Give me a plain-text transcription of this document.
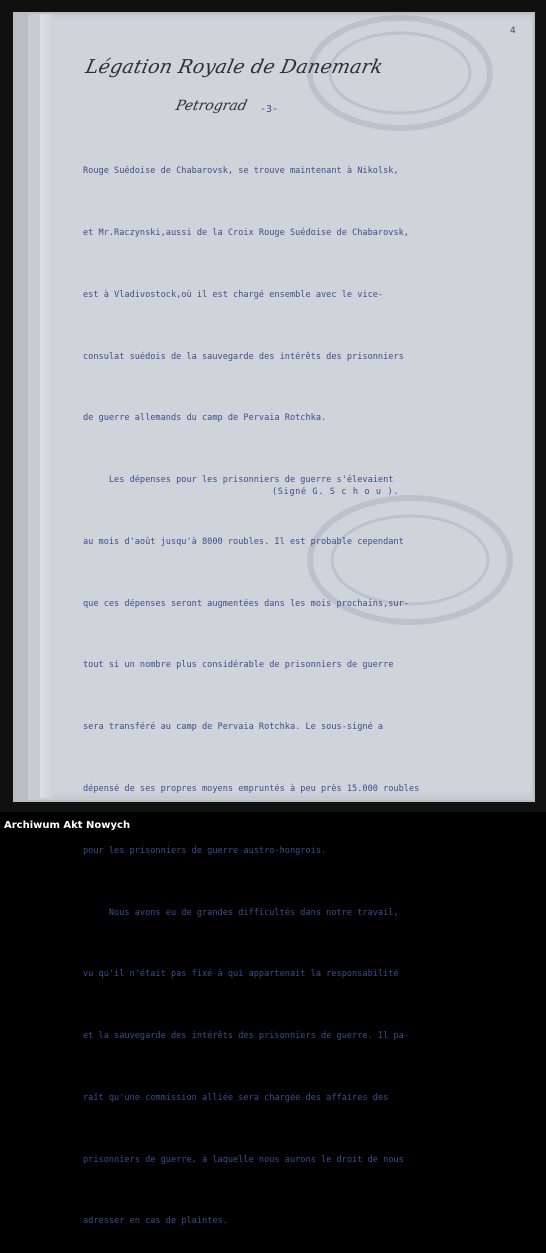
4
Légation Royale de Danemark
Petrograd -3-

Rouge Suédoise de Chabarovsk, se trouve maintenant à Nikolsk,

et Mr.Raczynski,aussi de la Croix Rouge Suédoise de Chabarovsk,

est à Vladivostock,où il est chargé ensemble avec le vice-

consulat suédois de la sauvegarde des intérêts des prisonniers

de guerre allemands du camp de Pervaia Rotchka.

Les dépenses pour les prisonniers de guerre s'élevaient

au mois d'août jusqu'à 8000 roubles. Il est probable cependant

que ces dépenses seront augmentées dans les mois prochains,sur-

tout si un nombre plus considérable de prisonniers de guerre

sera transféré au camp de Pervaia Rotchka. Le sous-signé a

dépensé de ses propres moyens empruntés à peu près 15.000 roubles

pour les prisonniers de guerre austro-hongrois.

Nous avons eu de grandes difficultés dans notre travail,

vu qu'il n'était pas fixé à qui appartenait la responsabilité

et la sauvegarde des intérêts des prisonniers de guerre. Il pa-

raît qu'une commission alliée sera chargée des affaires des

prisonniers de guerre, à laquelle nous aurons le droit de nous

adresser en cas de plaintes.

(Signé G. S c h o u ).
Archiwum Akt Nowych
